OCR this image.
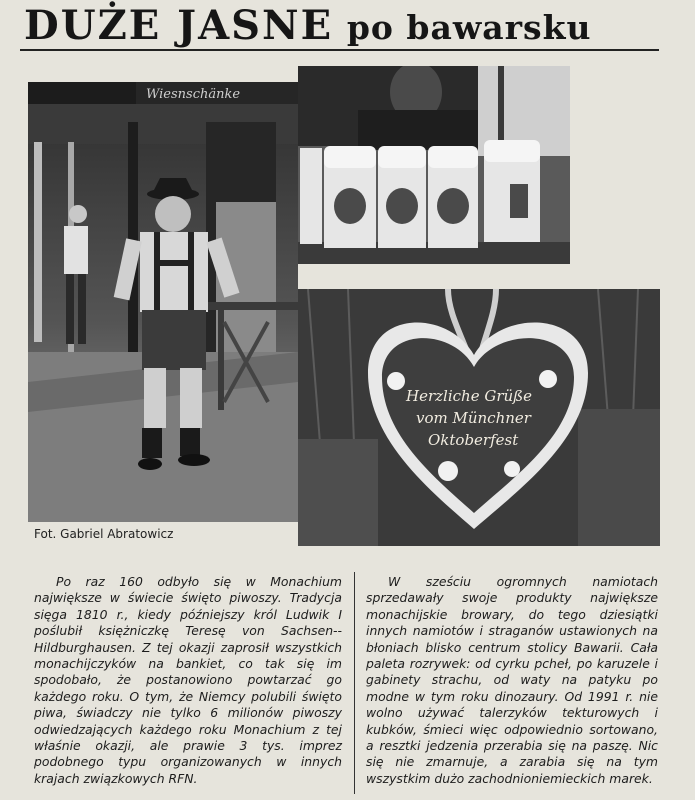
DUŻE JASNE po bawarsku
Wiesnschänke
Herzliche Grüße
vom Münchner
Oktoberfest
Fot. Gabriel Abratowicz

Po raz 160 odbyło się w Monachium największe w świecie święto piwoszy. Tradycja sięga 1810 r., kiedy późniejszy król Ludwik I poślubił księżniczkę Teresę von Sachsen--Hildburghausen. Z tej okazji zaprosił wszystkich monachijczyków na bankiet, co tak się im spodobało, że postanowiono powtarzać go każdego roku. O tym, że Niemcy polubili święto piwa, świadczy nie tylko 6 milionów piwoszy odwiedzających każdego roku Monachium z tej właśnie okazji, ale prawie 3 tys. imprez podobnego typu organizowanych w innych krajach związkowych RFN.

W sześciu ogromnych namiotach sprzedawały swoje produkty największe monachijskie browary, do tego dziesiątki innych namiotów i straganów ustawionych na błoniach blisko centrum stolicy Bawarii. Cała paleta rozrywek: od cyrku pcheł, po karuzele i gabinety strachu, od waty na patyku po modne w tym roku dinozaury. Od 1991 r. nie wolno używać talerzyków tekturowych i kubków, śmieci więc odpowiednio sortowano, a resztki jedzenia przerabia się na paszę. Nic się nie zmarnuje, a zarabia się na tym wszystkim dużo zachodnioniemieckich marek.
